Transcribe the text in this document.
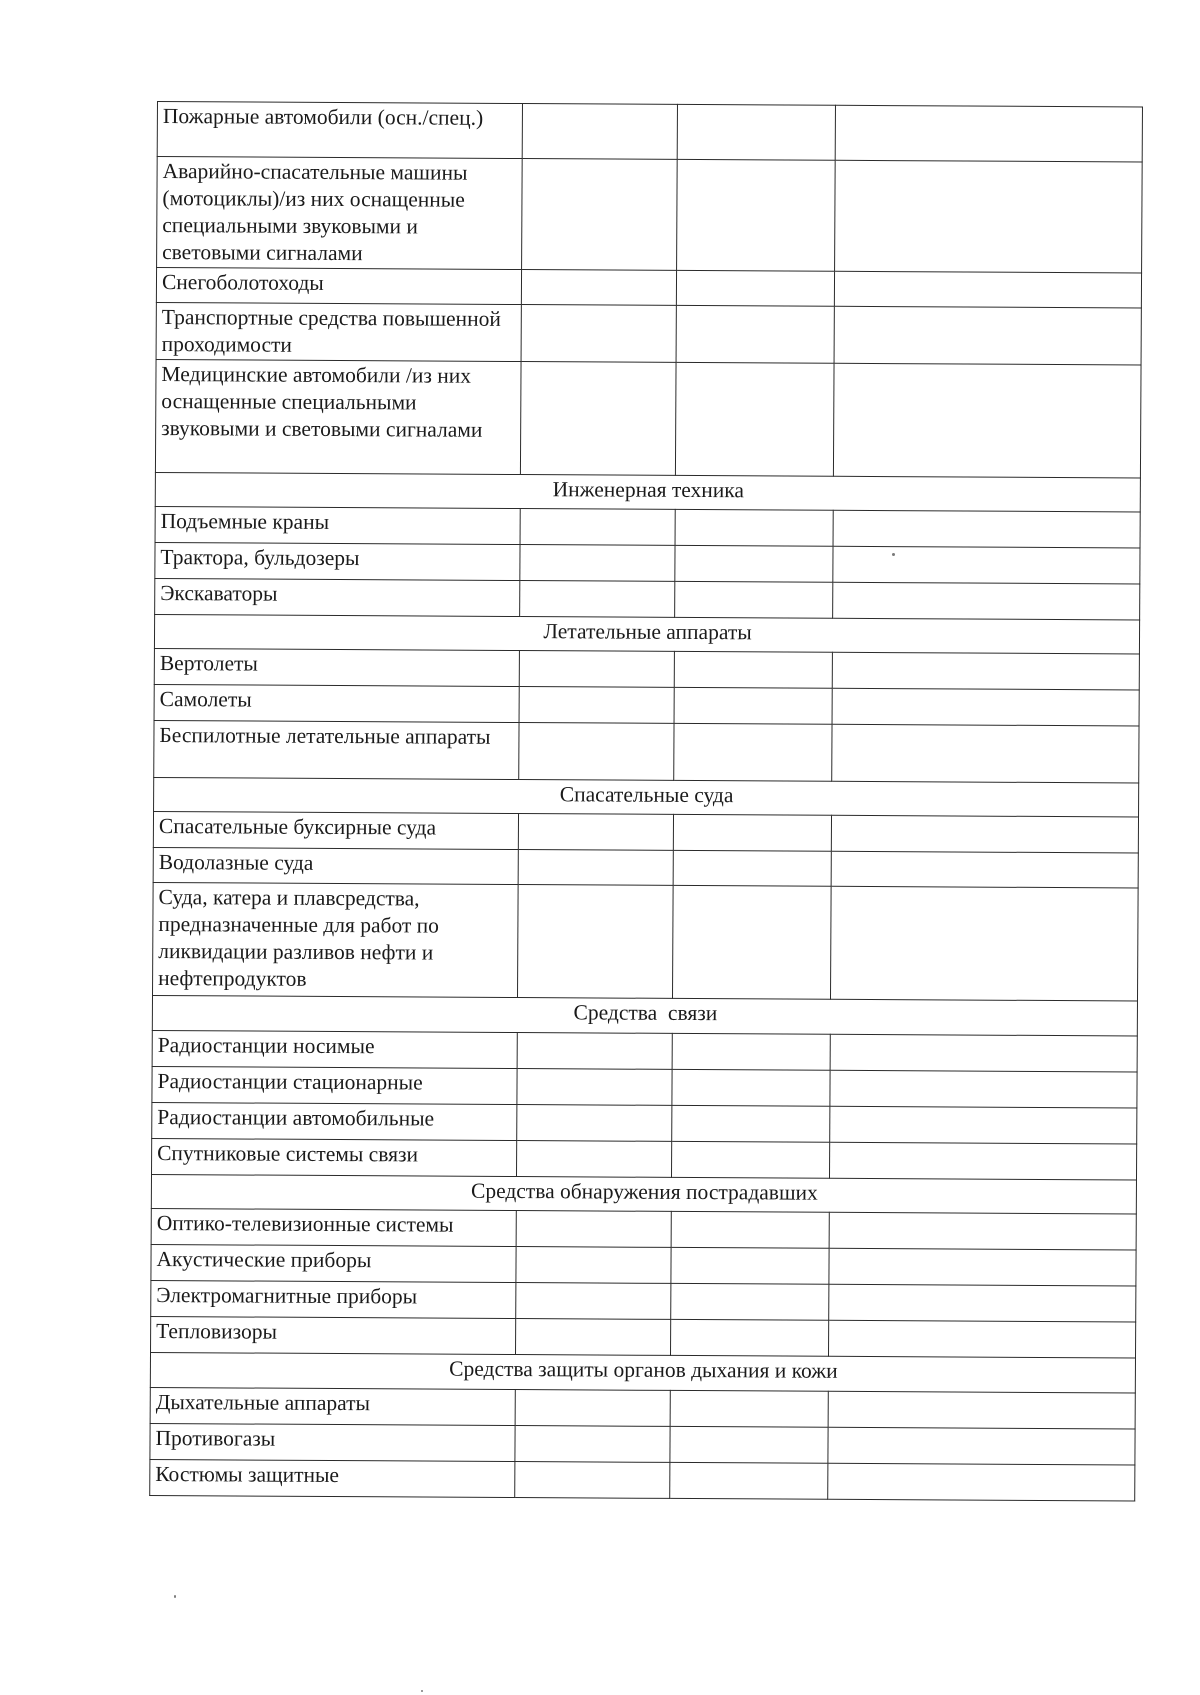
Пожарные автомобили (осн./спец.)			
Аварийно-спасательные машины (мотоциклы)/из них оснащенные специальными звуковыми и световыми сигналами			
Снегоболотоходы			
Транспортные средства повышенной проходимости			
Медицинские автомобили /из них оснащенные специальными звуковыми и световыми сигналами			
Инженерная техника			
Подъемные краны			
Трактора, бульдозеры			
Экскаваторы			
Летательные аппараты			
Вертолеты			
Самолеты			
Беспилотные летательные аппараты			
Спасательные суда			
Спасательные буксирные суда			
Водолазные суда			
Суда, катера и плавсредства, предназначенные для работ по ликвидации разливов нефти и нефтепродуктов			
Средства  связи			
Радиостанции носимые			
Радиостанции стационарные			
Радиостанции автомобильные			
Спутниковые системы связи			
Средства обнаружения пострадавших			
Оптико-телевизионные системы			
Акустические приборы			
Электромагнитные приборы			
Тепловизоры			
Средства защиты органов дыхания и кожи			
Дыхательные аппараты			
Противогазы			
Костюмы защитные			
